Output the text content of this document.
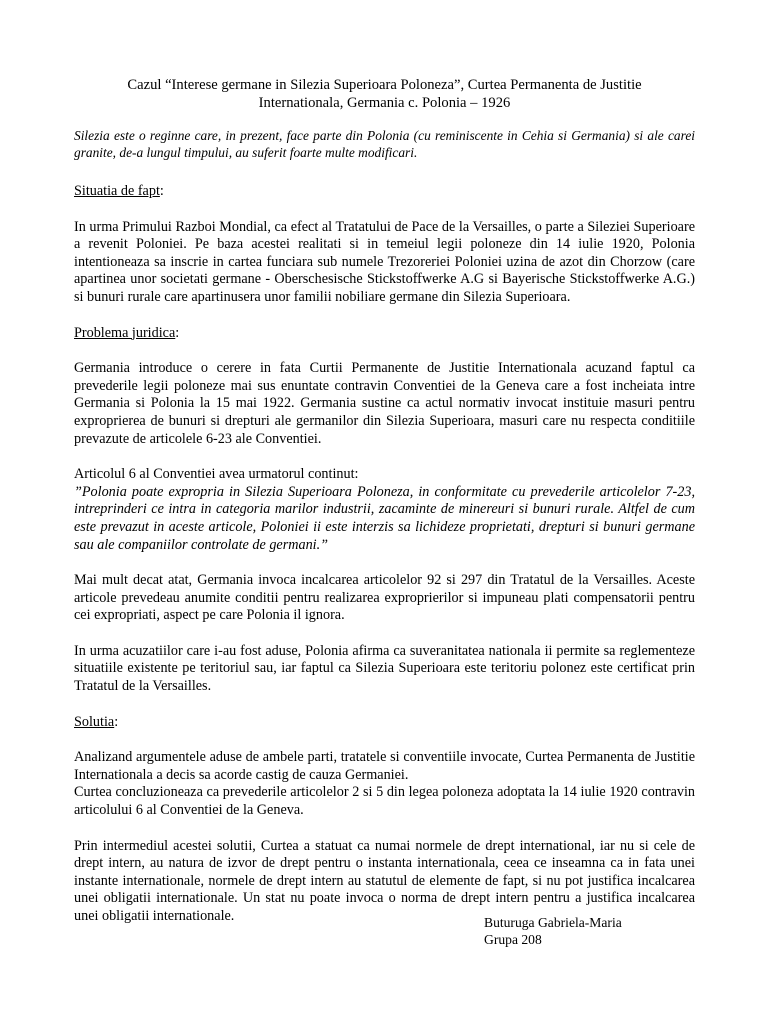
Cazul “Interese germane in Silezia Superioara Poloneza”, Curtea Permanenta de Justitie
Internationala, Germania c. Polonia – 1926

Silezia este o reginne care, in prezent, face parte din Polonia (cu reminiscente in Cehia si Germania) si ale carei granite, de-a lungul timpului, au suferit foarte multe modificari.

Situatia de fapt:

In urma Primului Razboi Mondial, ca efect al Tratatului de Pace de la Versailles, o parte a Sileziei Superioare a revenit Poloniei. Pe baza acestei realitati si in temeiul legii poloneze din 14 iulie 1920, Polonia intentioneaza sa inscrie in cartea funciara sub numele Trezoreriei Poloniei uzina de azot din Chorzow (care apartinea unor societati germane - Oberschesische Stickstoffwerke A.G si Bayerische Stickstoffwerke A.G.) si bunuri rurale care apartinusera unor familii nobiliare germane din Silezia Superioara.

Problema juridica:

Germania introduce o cerere in fata Curtii Permanente de Justitie Internationala acuzand faptul ca prevederile legii poloneze mai sus enuntate contravin Conventiei de la Geneva care a fost incheiata intre Germania si Polonia la 15 mai 1922. Germania sustine ca actul normativ invocat instituie masuri pentru exproprierea de bunuri si drepturi ale germanilor din Silezia Superioara, masuri care nu respecta conditiile prevazute de articolele 6-23 ale Conventiei.

Articolul 6 al Conventiei avea urmatorul continut:

”Polonia poate expropria in Silezia Superioara Poloneza, in conformitate cu prevederile articolelor 7-23, intreprinderi ce intra in categoria marilor industrii, zacaminte de minereuri si bunuri rurale. Altfel de cum este prevazut in aceste articole, Poloniei ii este interzis sa lichideze proprietati, drepturi si bunuri germane sau ale companiilor controlate de germani.”

Mai mult decat atat, Germania invoca incalcarea articolelor 92 si 297 din Tratatul de la Versailles. Aceste articole prevedeau anumite conditii pentru realizarea exproprierilor si impuneau plati compensatorii pentru cei expropriati, aspect pe care Polonia il ignora.

In urma acuzatiilor care i-au fost aduse, Polonia afirma ca suveranitatea nationala ii permite sa reglementeze situatiile existente pe teritoriul sau, iar faptul ca Silezia Superioara este teritoriu polonez este certificat prin Tratatul de la Versailles.

Solutia:

Analizand argumentele aduse de ambele parti, tratatele si conventiile invocate, Curtea Permanenta de Justitie Internationala a decis sa acorde castig de cauza Germaniei.

Curtea concluzioneaza ca prevederile articolelor 2 si 5 din legea poloneza adoptata la 14 iulie 1920 contravin articolului 6 al Conventiei de la Geneva.

Prin intermediul acestei solutii, Curtea a statuat ca numai normele de drept international, iar nu si cele de drept intern, au natura de izvor de drept pentru o instanta internationala, ceea ce inseamna ca in fata unei instante internationale, normele de drept intern au statutul de elemente de fapt, si nu pot justifica incalcarea unei obligatii internationale. Un stat nu poate invoca o norma de drept intern pentru a justifica incalcarea unei obligatii internationale.	Buturuga Gabriela-Maria
Grupa 208
